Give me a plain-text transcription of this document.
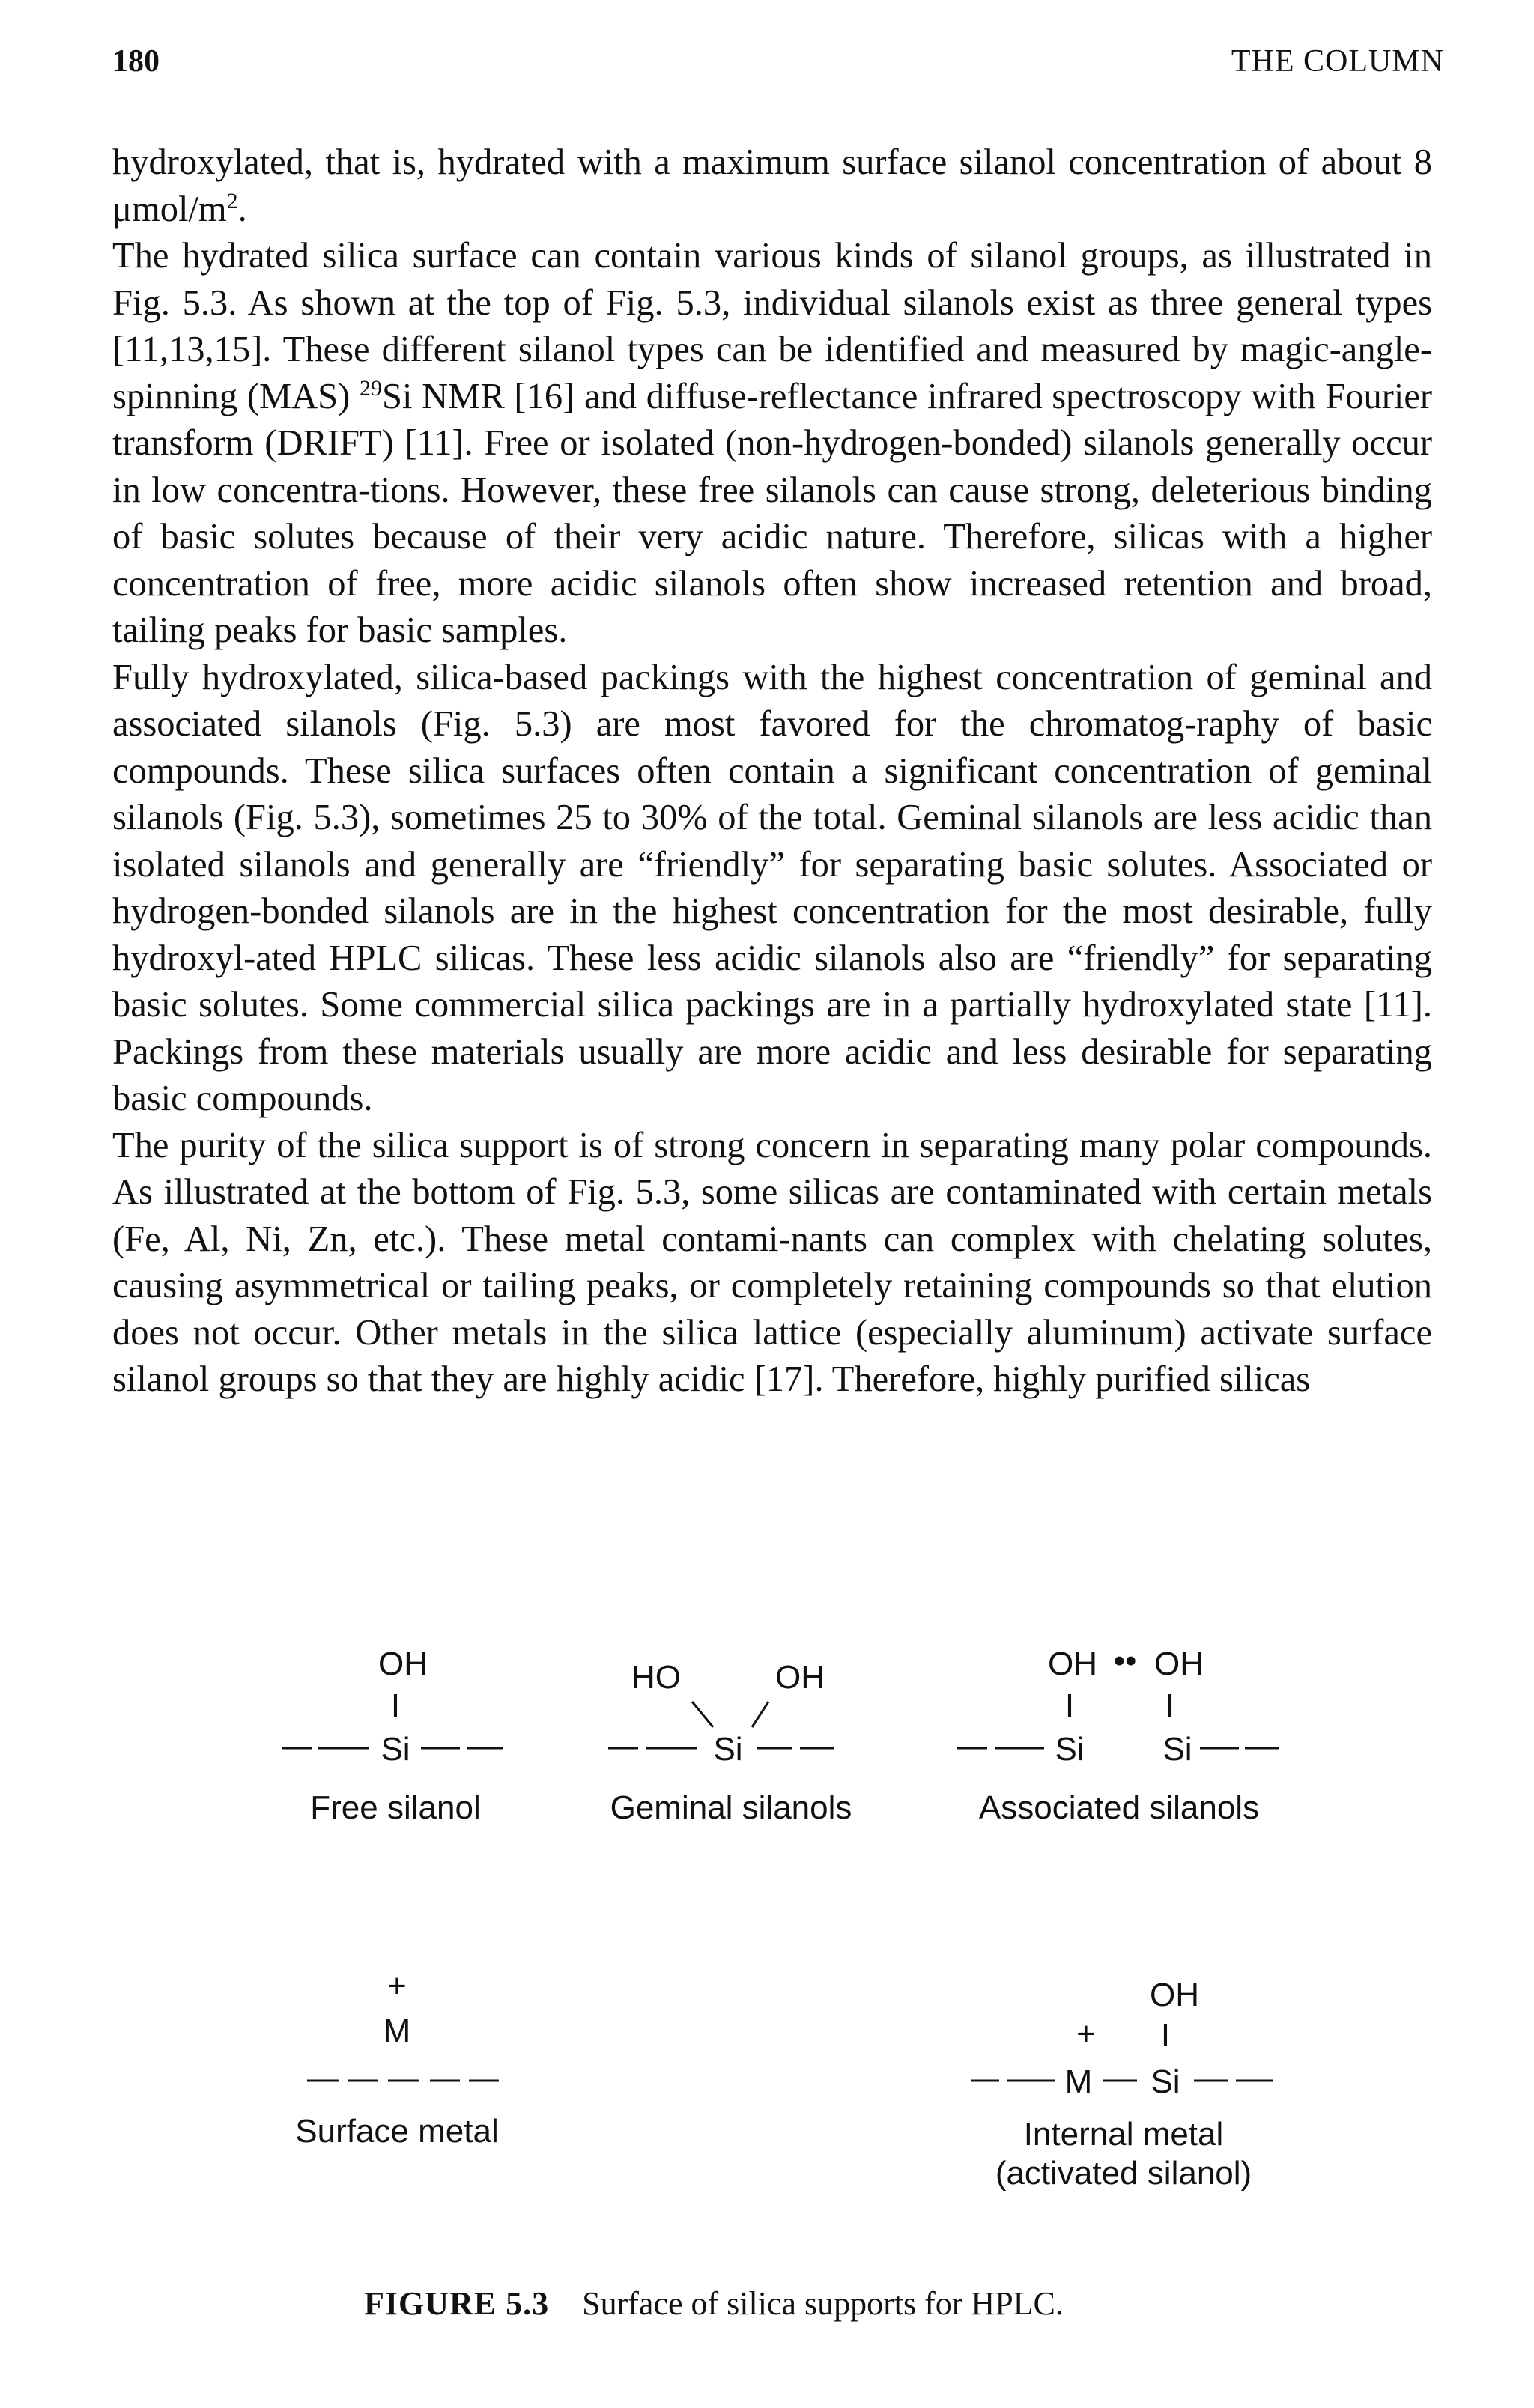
180	THE COLUMN

hydroxylated, that is, hydrated with a maximum surface silanol concentration of about 8 μmol/$m^2$.

The hydrated silica surface can contain various kinds of silanol groups, as illustrated in Fig. 5.3. As shown at the top of Fig. 5.3, individual silanols exist as three general types [11,13,15]. These different silanol types can be identified and measured by magic-angle-spinning (MAS) $^{29}$Si NMR [16] and diffuse-reflectance infrared spectroscopy with Fourier transform (DRIFT) [11]. Free or isolated (non-hydrogen-bonded) silanols generally occur in low concentra-tions. However, these free silanols can cause strong, deleterious binding of basic solutes because of their very acidic nature. Therefore, silicas with a higher concentration of free, more acidic silanols often show increased retention and broad, tailing peaks for basic samples.

Fully hydroxylated, silica-based packings with the highest concentration of geminal and associated silanols (Fig. 5.3) are most favored for the chromatog-raphy of basic compounds. These silica surfaces often contain a significant concentration of geminal silanols (Fig. 5.3), sometimes 25 to 30% of the total. Geminal silanols are less acidic than isolated silanols and generally are “friendly” for separating basic solutes. Associated or hydrogen-bonded silanols are in the highest concentration for the most desirable, fully hydroxyl-ated HPLC silicas. These less acidic silanols also are “friendly” for separating basic solutes. Some commercial silica packings are in a partially hydroxylated state [11]. Packings from these materials usually are more acidic and less desirable for separating basic compounds.

The purity of the silica support is of strong concern in separating many polar compounds. As illustrated at the bottom of Fig. 5.3, some silicas are contaminated with certain metals (Fe, Al, Ni, Zn, etc.). These metal contami-nants can complex with chelating solutes, causing asymmetrical or tailing peaks, or completely retaining compounds so that elution does not occur. Other metals in the silica lattice (especially aluminum) activate surface silanol groups so that they are highly acidic [17]. Therefore, highly purified silicas

OH
I
Si
Free silanol
HO	OH
Si
Geminal silanols
OH •• OH
I	I
Si Si
Associated silanols
+
M
Surface metal
OH
+ I
M Si
Internal metal
(activated silanol)
FIGURE 5.3 Surface of silica supports for HPLC.
